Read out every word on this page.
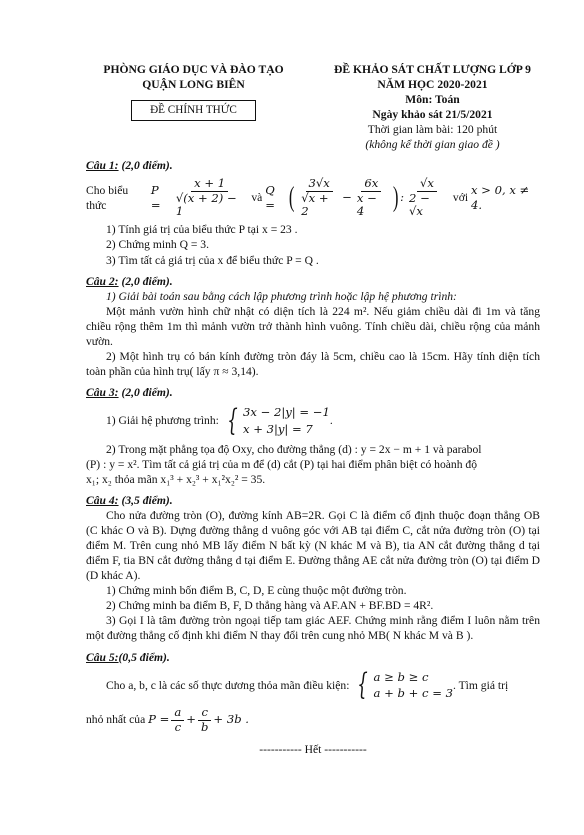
PHÒNG GIÁO DỤC VÀ ĐÀO TẠO
QUẬN LONG BIÊN
ĐỀ CHÍNH THỨC
ĐỀ KHẢO SÁT CHẤT LƯỢNG LỚP 9
NĂM HỌC 2020-2021
Môn: Toán
Ngày khảo sát 21/5/2021
Thời gian làm bài: 120 phút
(không kể thời gian giao đề )
Câu 1: (2,0 điểm).
Cho biểu thức

P =	$\frac{x + 1}{√(x + 2) - 1}$
và

Q = ( $\frac{3√x}{√x + 2} - \frac{6x}{x - 4}$ ) : $\frac{√x}{2 - √x}$
với

x > 0, x ≠ 4.

1) Tính giá trị của biểu thức P tại x = 23 .

2) Chứng minh Q = 3.

3) Tìm tất cả giá trị của x để biểu thức P = Q .

Câu 2: (2,0 điểm).

1) Giải bài toán sau bằng cách lập phương trình hoặc lập hệ phương trình:

Một mảnh vườn hình chữ nhật có diện tích là 224 m². Nếu giảm chiều dài đi 1m và tăng chiều rộng thêm 1m thì mảnh vườn trở thành hình vuông. Tính chiều dài, chiều rộng của mảnh vườn.

2) Một hình trụ có bán kính đường tròn đáy là 5cm, chiều cao là 15cm. Hãy tính diện tích toàn phần của hình trụ( lấy π ≈ 3,14).

Câu 3: (2,0 điểm).
1) Giải hệ phương trình: { 3x − 2|y| = −1
x + 3|y| = 7
.

2) Trong mặt phẳng tọa độ Oxy, cho đường thẳng (d) : y = 2x − m + 1 và parabol

(P) : y = x². Tìm tất cả giá trị của m để (d) cắt (P) tại hai điểm phân biệt có hoành độ

x₁; x₂ thỏa mãn x₁³ + x₂³ + x₁²x₂² = 35.

Câu 4: (3,5 điểm).

Cho nửa đường tròn (O), đường kính AB=2R. Gọi C là điểm cố định thuộc đoạn thẳng OB (C khác O và B). Dựng đường thẳng d vuông góc với AB tại điểm C, cắt nửa đường tròn (O) tại điểm M. Trên cung nhỏ MB lấy điểm N bất kỳ (N khác M và B), tia AN cắt đường thẳng d tại điểm F, tia BN cắt đường thẳng d tại điểm E. Đường thẳng AE cắt nửa đường tròn (O) tại điểm D (D khác A).

1) Chứng minh bốn điểm B, C, D, E cùng thuộc một đường tròn.

2) Chứng minh ba điểm B, F, D thẳng hàng và AF.AN + BF.BD = 4R².

3) Gọi I là tâm đường tròn ngoại tiếp tam giác AEF. Chứng minh rằng điểm I luôn nằm trên một đường thẳng cố định khi điểm N thay đổi trên cung nhỏ MB( N khác M và B ).

Câu 5:(0,5 điểm).
Cho a, b, c là các số thực dương thỏa mãn điều kiện: { a ≥ b ≥ c
a + b + c = 3
. Tìm giá trị
nhỏ nhất của
$P = \frac{a}{c} + \frac{c}{b} + 3b$ .
----------- Hết -----------
